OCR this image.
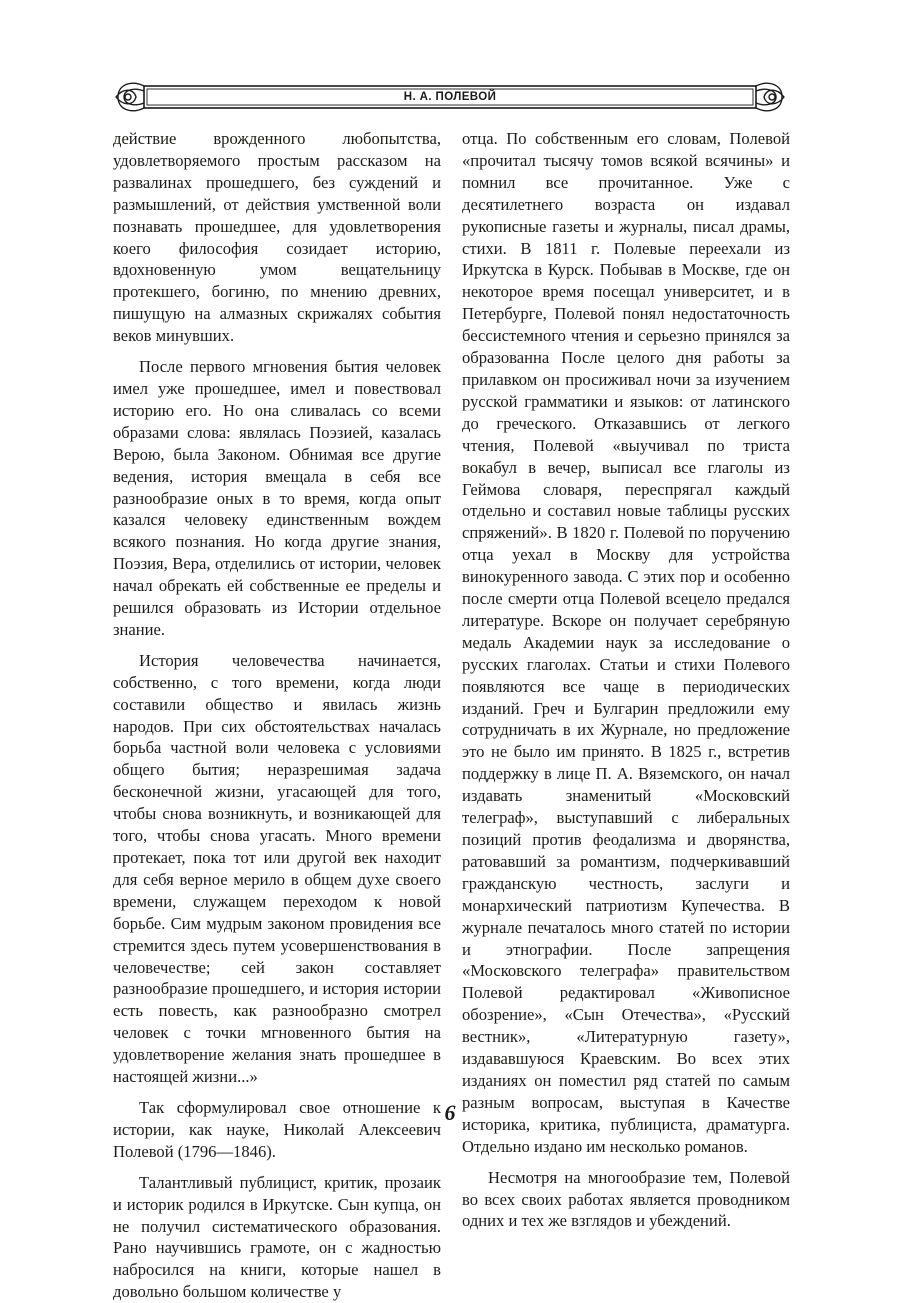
Н. А. ПОЛЕВОЙ

действие врожденного любопытства, удовлетворяемого простым рассказом на развалинах прошедшего, без суждений и размышлений, от действия умственной воли познавать прошедшее, для удовлетворения коего философия созидает историю, вдохновенную умом вещательницу протекшего, богиню, по мнению древних, пишущую на алмазных скрижалях события веков минувших.

После первого мгновения бытия человек имел уже прошедшее, имел и повествовал историю его. Но она сливалась со всеми образами слова: являлась Поэзией, казалась Верою, была Законом. Обнимая все другие ведения, история вмещала в себя все разнообразие оных в то время, когда опыт казался человеку единственным вождем всякого познания. Но когда другие знания, Поэзия, Вера, отделились от истории, человек начал обрекать ей собственные ее пределы и решился образовать из Истории отдельное знание.

История человечества начинается, собственно, с того времени, когда люди составили общество и явилась жизнь народов. При сих обстоятельствах началась борьба частной воли человека с условиями общего бытия; неразрешимая задача бесконечной жизни, угасающей для того, чтобы снова возникнуть, и возникающей для того, чтобы снова угасать. Много времени протекает, пока тот или другой век находит для себя верное мерило в общем духе своего времени, служащем переходом к новой борьбе. Сим мудрым законом провидения все стремится здесь путем усовершенствования в человечестве; сей закон составляет разнообразие прошедшего, и история истории есть повесть, как разнообразно смотрел человек с точки мгновенного бытия на удовлетворение желания знать прошедшее в настоящей жизни...»

Так сформулировал свое отношение к истории, как науке, Николай Алексеевич Полевой (1796—1846).

Талантливый публицист, критик, прозаик и историк родился в Иркутске. Сын купца, он не получил систематического образования. Рано научившись грамоте, он с жадностью набросился на книги, которые нашел в довольно большом количестве у

отца. По собственным его словам, Полевой «прочитал тысячу томов всякой всячины» и помнил все прочитанное. Уже с десятилетнего возраста он издавал рукописные газеты и журналы, писал драмы, стихи. В 1811 г. Полевые переехали из Иркутска в Курск. Побывав в Москве, где он некоторое время посещал университет, и в Петербурге, Полевой понял недостаточность бессистемного чтения и серьезно принялся за образованна После целого дня работы за прилавком он просиживал ночи за изучением русской грамматики и языков: от латинского до греческого. Отказавшись от легкого чтения, Полевой «выучивал по триста вокабул в вечер, выписал все глаголы из Геймова словаря, переспрягал каждый отдельно и составил новые таблицы русских спряжений». В 1820 г. Полевой по поручению отца уехал в Москву для устройства винокуренного завода. С этих пор и особенно после смерти отца Полевой всецело предался литературе. Вскоре он получает серебряную медаль Академии наук за исследование о русских глаголах. Статьи и стихи Полевого появляются все чаще в периодических изданий. Греч и Булгарин предложили ему сотрудничать в их Журнале, но предложение это не было им принято. В 1825 г., встретив поддержку в лице П. А. Вяземского, он начал издавать знаменитый «Московский телеграф», выступавший с либеральных позиций против феодализма и дворянства, ратовавший за романтизм, подчеркивавший гражданскую честность, заслуги и монархический патриотизм Купечества. В журнале печаталось много статей по истории и этнографии. После запрещения «Московского телеграфа» правительством Полевой редактировал «Живописное обозрение», «Сын Отечества», «Русский вестник», «Литературную газету», издававшуюся Краевским. Во всех этих изданиях он поместил ряд статей по самым разным вопросам, выступая в Качестве историка, критика, публициста, драматурга. Отдельно издано им несколько романов.

Несмотря на многообразие тем, Полевой во всех своих работах является проводником одних и тех же взглядов и убеждений.

6
